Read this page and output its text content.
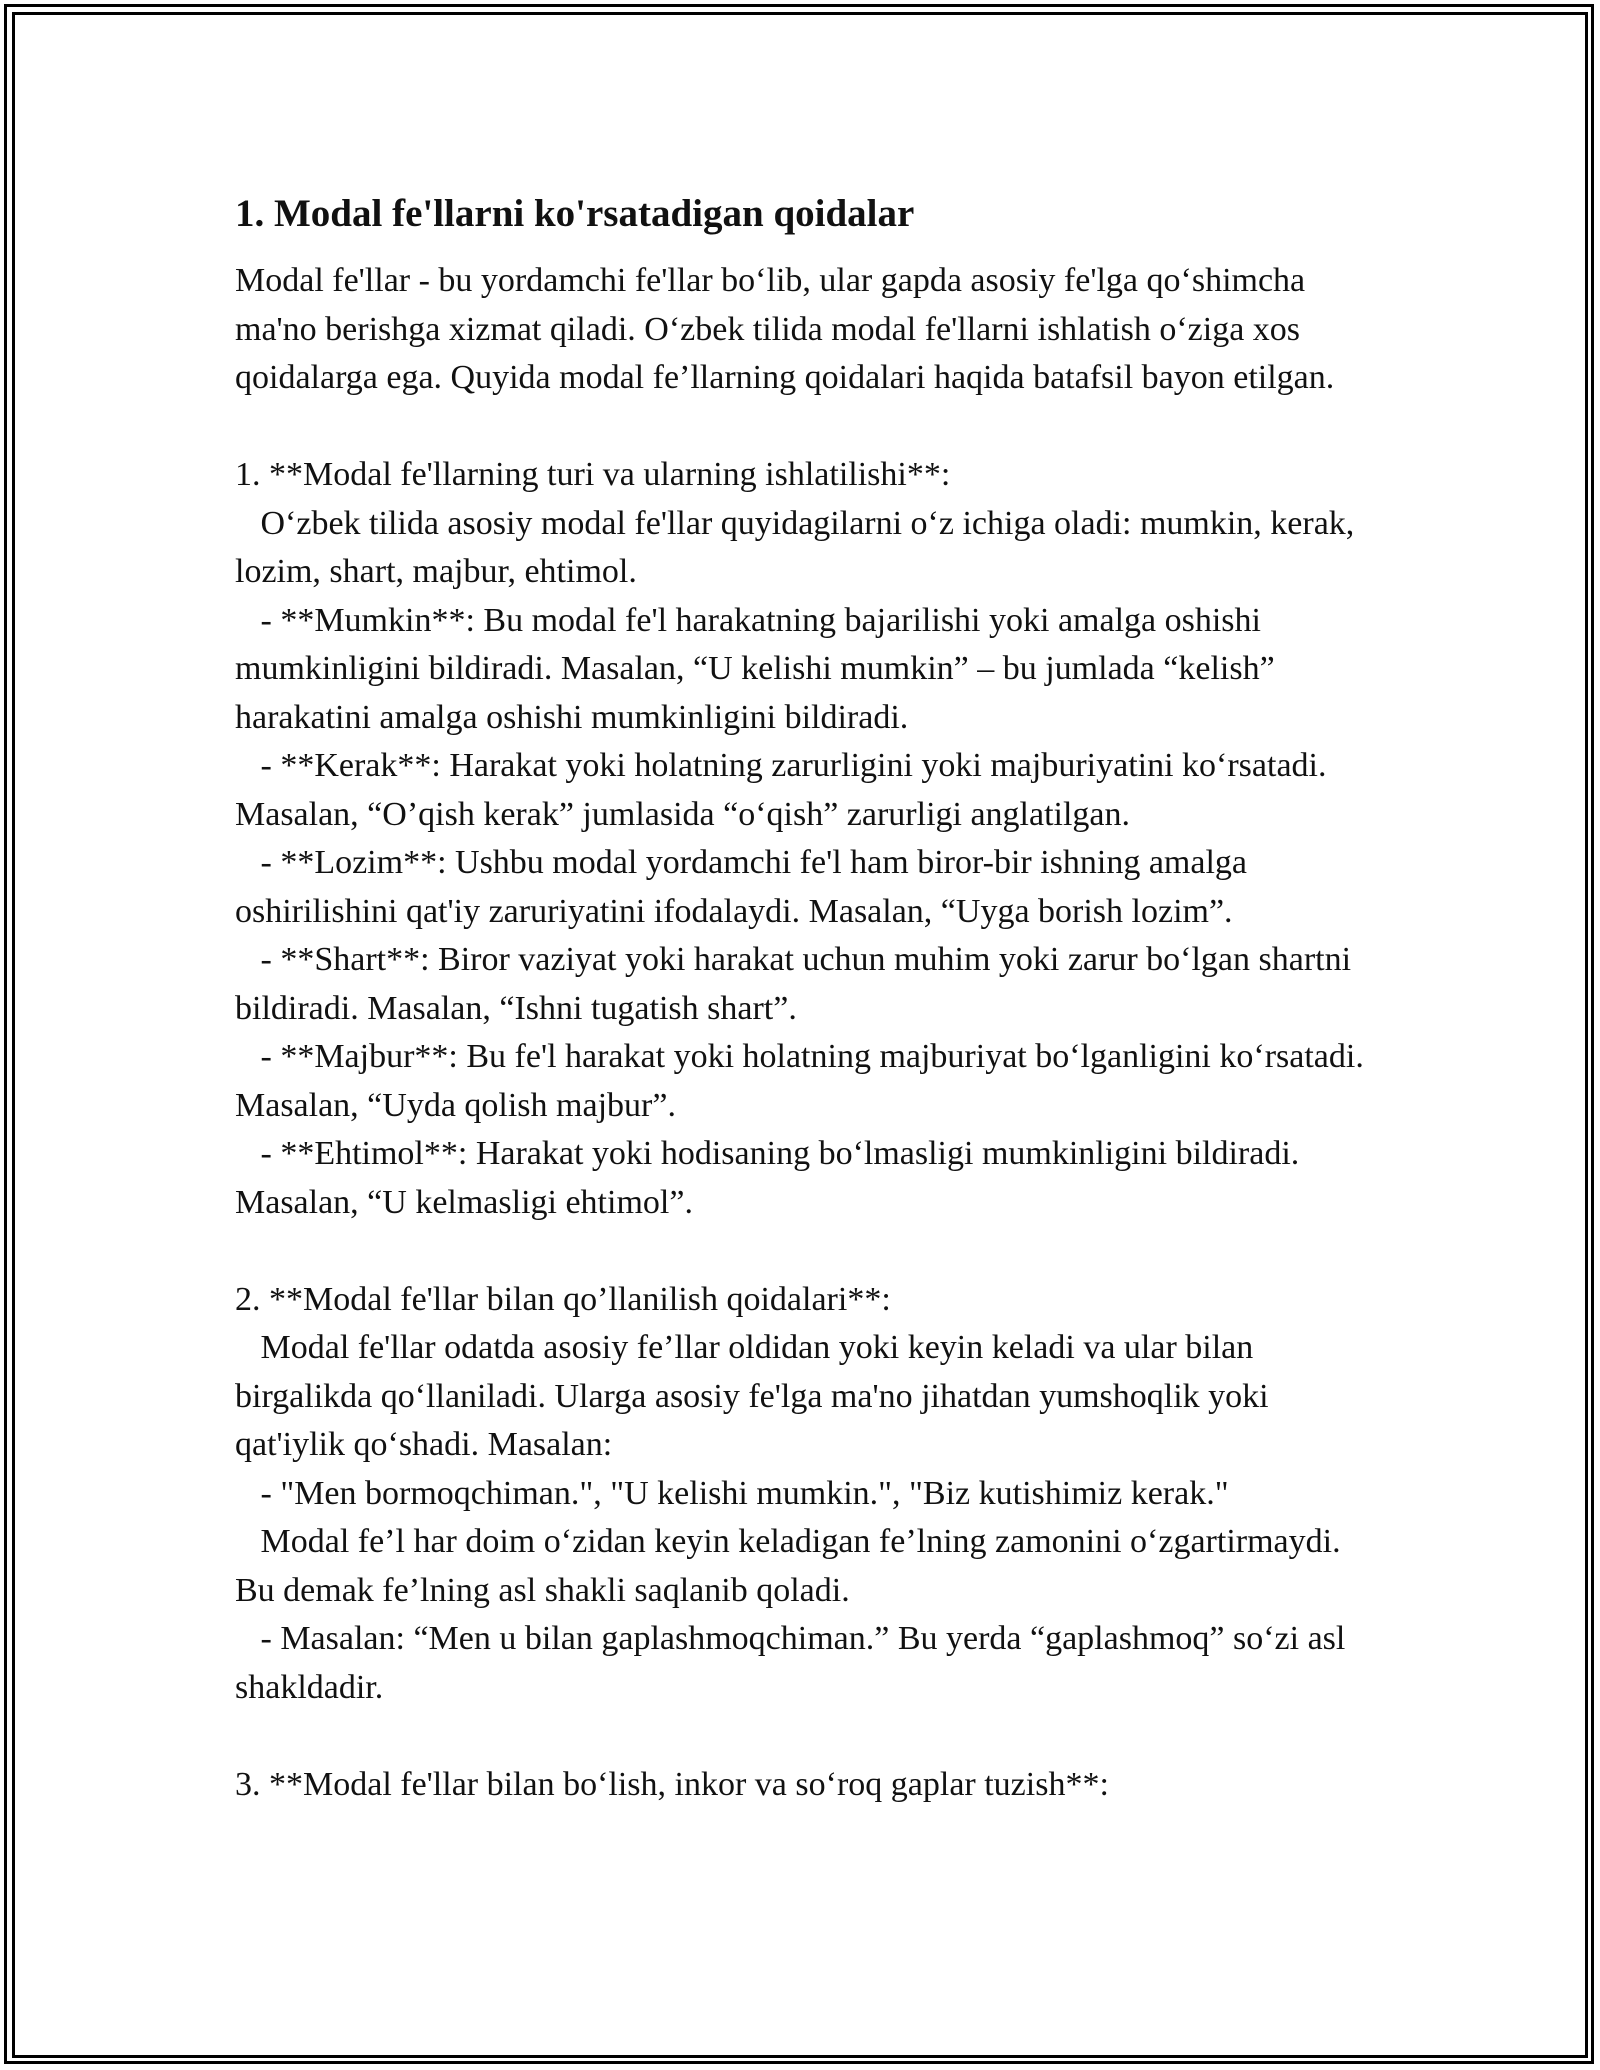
1. Modal fe'llarni ko'rsatadigan qoidalar

Modal fe'llar - bu yordamchi fe'llar bo‘lib, ular gapda asosiy fe'lga qo‘shimcha ma'no berishga xizmat qiladi. O‘zbek tilida modal fe'llarni ishlatish o‘ziga xos qoidalarga ega. Quyida modal fe’llarning qoidalari haqida batafsil bayon etilgan.

1. **Modal fe'llarning turi va ularning ishlatilishi**:

O‘zbek tilida asosiy modal fe'llar quyidagilarni o‘z ichiga oladi: mumkin, kerak, lozim, shart, majbur, ehtimol.

- **Mumkin**: Bu modal fe'l harakatning bajarilishi yoki amalga oshishi mumkinligini bildiradi. Masalan, “U kelishi mumkin” – bu jumlada “kelish” harakatini amalga oshishi mumkinligini bildiradi.

- **Kerak**: Harakat yoki holatning zarurligini yoki majburiyatini ko‘rsatadi. Masalan, “O’qish kerak” jumlasida “o‘qish” zarurligi anglatilgan.

- **Lozim**: Ushbu modal yordamchi fe'l ham biror-bir ishning amalga oshirilishini qat'iy zaruriyatini ifodalaydi. Masalan, “Uyga borish lozim”.

- **Shart**: Biror vaziyat yoki harakat uchun muhim yoki zarur bo‘lgan shartni bildiradi. Masalan, “Ishni tugatish shart”.

- **Majbur**: Bu fe'l harakat yoki holatning majburiyat bo‘lganligini ko‘rsatadi. Masalan, “Uyda qolish majbur”.

- **Ehtimol**: Harakat yoki hodisaning bo‘lmasligi mumkinligini bildiradi. Masalan, “U kelmasligi ehtimol”.

2. **Modal fe'llar bilan qo’llanilish qoidalari**:

Modal fe'llar odatda asosiy fe’llar oldidan yoki keyin keladi va ular bilan birgalikda qo‘llaniladi. Ularga asosiy fe'lga ma'no jihatdan yumshoqlik yoki qat'iylik qo‘shadi. Masalan:

- "Men bormoqchiman.", "U kelishi mumkin.", "Biz kutishimiz kerak."

Modal fe’l har doim o‘zidan keyin keladigan fe’lning zamonini o‘zgartirmaydi. Bu demak fe’lning asl shakli saqlanib qoladi.

- Masalan: “Men u bilan gaplashmoqchiman.” Bu yerda “gaplashmoq” so‘zi asl shakldadir.

3. **Modal fe'llar bilan bo‘lish, inkor va so‘roq gaplar tuzish**:
